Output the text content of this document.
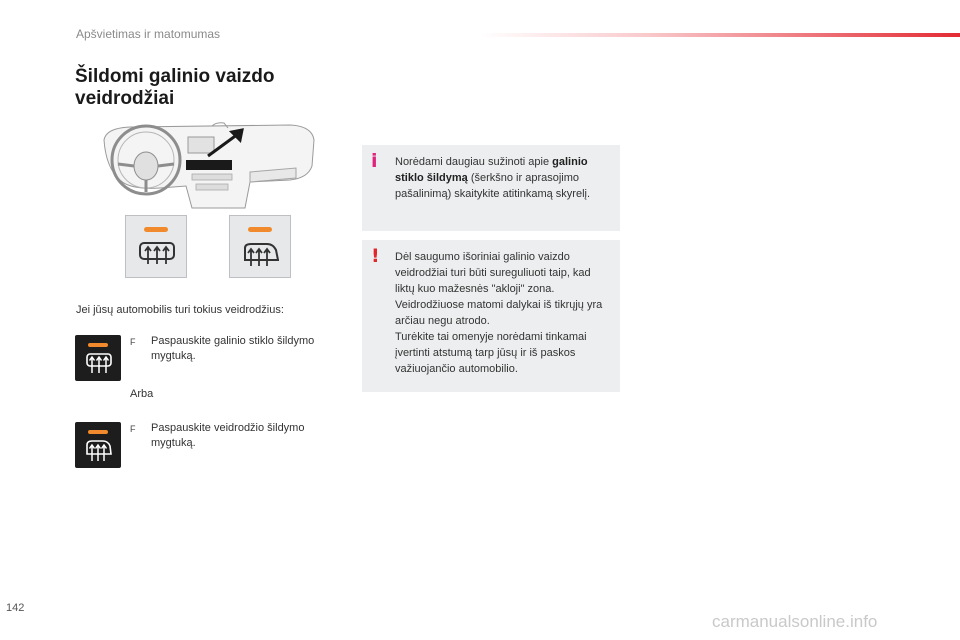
Apšvietimas ir matomumas
Šildomi galinio vaizdo
veidrodžiai
Jei jūsų automobilis turi tokius veidrodžius:
F Paspauskite galinio stiklo šildymo mygtuką.
Arba
F Paspauskite veidrodžio šildymo mygtuką.
i Norėdami daugiau sužinoti apie galinio stiklo šildymą (šerkšno ir aprasojimo pašalinimą) skaitykite atitinkamą skyrelį.
! Dėl saugumo išoriniai galinio vaizdo veidrodžiai turi būti sureguliuoti taip, kad liktų kuo mažesnės "akloji" zona.
Veidrodžiuose matomi dalykai iš tikrųjų yra arčiau negu atrodo.
Turėkite tai omenyje norėdami tinkamai įvertinti atstumą tarp jūsų ir iš paskos važiuojančio automobilio.
142
carmanualsonline.info
